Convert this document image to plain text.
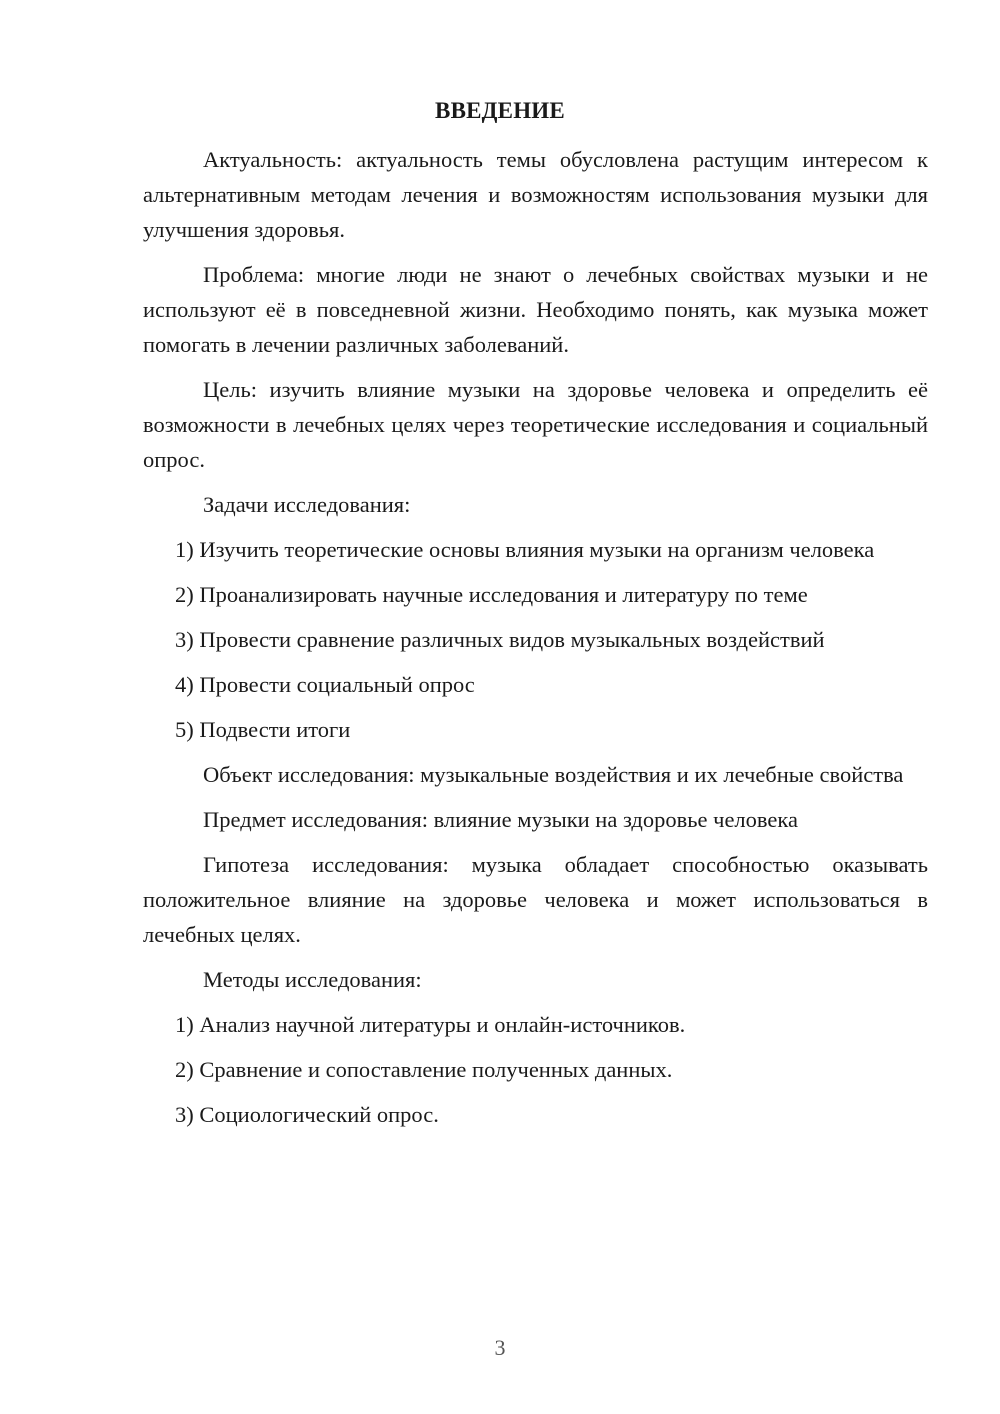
ВВЕДЕНИЕ

Актуальность: актуальность темы обусловлена растущим интересом к альтернативным методам лечения и возможностям использования музыки для улучшения здоровья.

Проблема: многие люди не знают о лечебных свойствах музыки и не используют её в повседневной жизни. Необходимо понять, как музыка может помогать в лечении различных заболеваний.

Цель: изучить влияние музыки на здоровье человека и определить её возможности в лечебных целях через теоретические исследования и социальный опрос.

Задачи исследования:

1) Изучить теоретические основы влияния музыки на организм человека

2) Проанализировать научные исследования и литературу по теме

3) Провести сравнение различных видов музыкальных воздействий

4) Провести социальный опрос

5) Подвести итоги

Объект исследования: музыкальные воздействия и их лечебные свойства

Предмет исследования: влияние музыки на здоровье человека

Гипотеза исследования: музыка обладает способностью оказывать положительное влияние на здоровье человека и может использоваться в лечебных целях.

Методы исследования:

1) Анализ научной литературы и онлайн-источников.

2) Сравнение и сопоставление полученных данных.

3) Социологический опрос.

3
